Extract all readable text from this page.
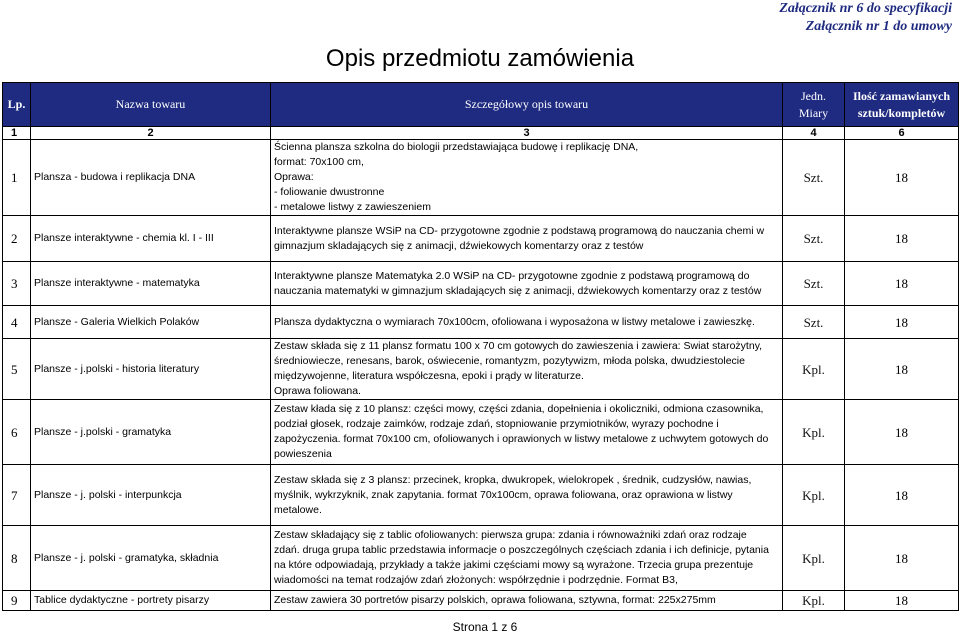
Załącznik nr 6 do specyfikacji
Załącznik nr 1 do umowy
Opis przedmiotu zamówienia
Lp.	Nazwa towaru	Szczegółowy opis towaru	Jedn. Miary	Ilość zamawianych
sztuk/kompletów

1	2	3	4	6
1	Plansza - budowa i replikacja DNA	Ścienna plansza szkolna do biologii przedstawiająca budowę i replikację DNA,
format: 70x100 cm,
Oprawa:
- foliowanie dwustronne
- metalowe listwy z zawieszeniem	Szt.	18
2	Plansze interaktywne - chemia kl. I - III	Interaktywne plansze WSiP na CD- przygotowne zgodnie z podstawą programową do nauczania chemi w
gimnazjum skladających się z animacji, dźwiekowych komentarzy oraz z testów	Szt.	18
3	Plansze interaktywne - matematyka	Interaktywne plansze Matematyka 2.0 WSiP na CD- przygotowne zgodnie z podstawą programową do
nauczania matematyki w gimnazjum skladających się z animacji, dźwiekowych komentarzy oraz z testów	Szt.	18
4	Plansze - Galeria Wielkich Polaków	Plansza dydaktyczna o wymiarach 70x100cm, ofoliowana i wyposażona w listwy metalowe i zawieszkę.	Szt.	18
5	Plansze - j.polski - historia literatury	Zestaw składa się z 11 plansz formatu 100 x 70 cm gotowych do zawieszenia i zawiera: Swiat starożytny,
średniowiecze, renesans, barok, oświecenie, romantyzm, pozytywizm, młoda polska, dwudziestolecie
międzywojenne, literatura współczesna, epoki i prądy w literaturze.
Oprawa foliowana.	Kpl.	18
6	Plansze - j.polski - gramatyka	Zestaw kłada się z 10 plansz: części mowy, części zdania, dopełnienia i okoliczniki, odmiona czasownika,
podział głosek, rodzaje zaimków, rodzaje zdań, stopniowanie przymiotników, wyrazy pochodne i
zapożyczenia. format 70x100 cm, ofoliowanych i oprawionych w listwy metalowe z uchwytem gotowych do
powieszenia	Kpl.	18
7	Plansze - j. polski - interpunkcja	Zestaw składa się z 3 plansz: przecinek, kropka, dwukropek, wielokropek , średnik, cudzysłów, nawias,
myślnik, wykrzyknik, znak zapytania. format 70x100cm, oprawa foliowana, oraz oprawiona w listwy
metalowe.	Kpl.	18
8	Plansze - j. polski - gramatyka, składnia	Zestaw składający się z tablic ofoliowanych: pierwsza grupa: zdania i równoważniki zdań oraz rodzaje
zdań. druga grupa tablic przedstawia informacje o poszczególnych częściach zdania i ich definicje, pytania
na które odpowiadają, przykłady a także jakimi częściami mowy są wyrażone. Trzecia grupa prezentuje
wiadomości na temat rodzajów zdań złożonych: współrzędnie i podrzędnie. Format B3,	Kpl.	18
9	Tablice dydaktyczne - portrety pisarzy	Zestaw zawiera 30 portretów pisarzy polskich, oprawa foliowana, sztywna, format: 225x275mm	Kpl.	18
Strona 1 z 6
